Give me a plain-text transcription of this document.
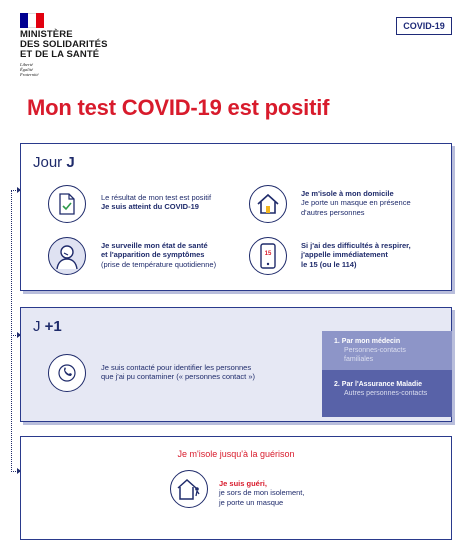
MINISTÈRE
DES SOLIDARITÉS
ET DE LA SANTÉ
Liberté
Égalité
Fraternité
COVID-19
Mon test COVID-19 est positif
Jour J
Le résultat de mon test est positif
Je suis atteint du COVID-19
Je m'isole à mon domicile
Je porte un masque en présence
d'autres personnes
Je surveille mon état de santé
et l'apparition de symptômes
(prise de température quotidienne)
15
Si j'ai des difficultés à respirer,
j'appelle immédiatement
le 15 (ou le 114)
J +1
Je suis contacté pour identifier les personnes
que j'ai pu contaminer (« personnes contact »)
1. Par mon médecin
Personnes-contacts
familiales
2. Par l'Assurance Maladie
Autres personnes-contacts
Je m'isole jusqu'à la guérison
Je suis guéri,
je sors de mon isolement,
je porte un masque
